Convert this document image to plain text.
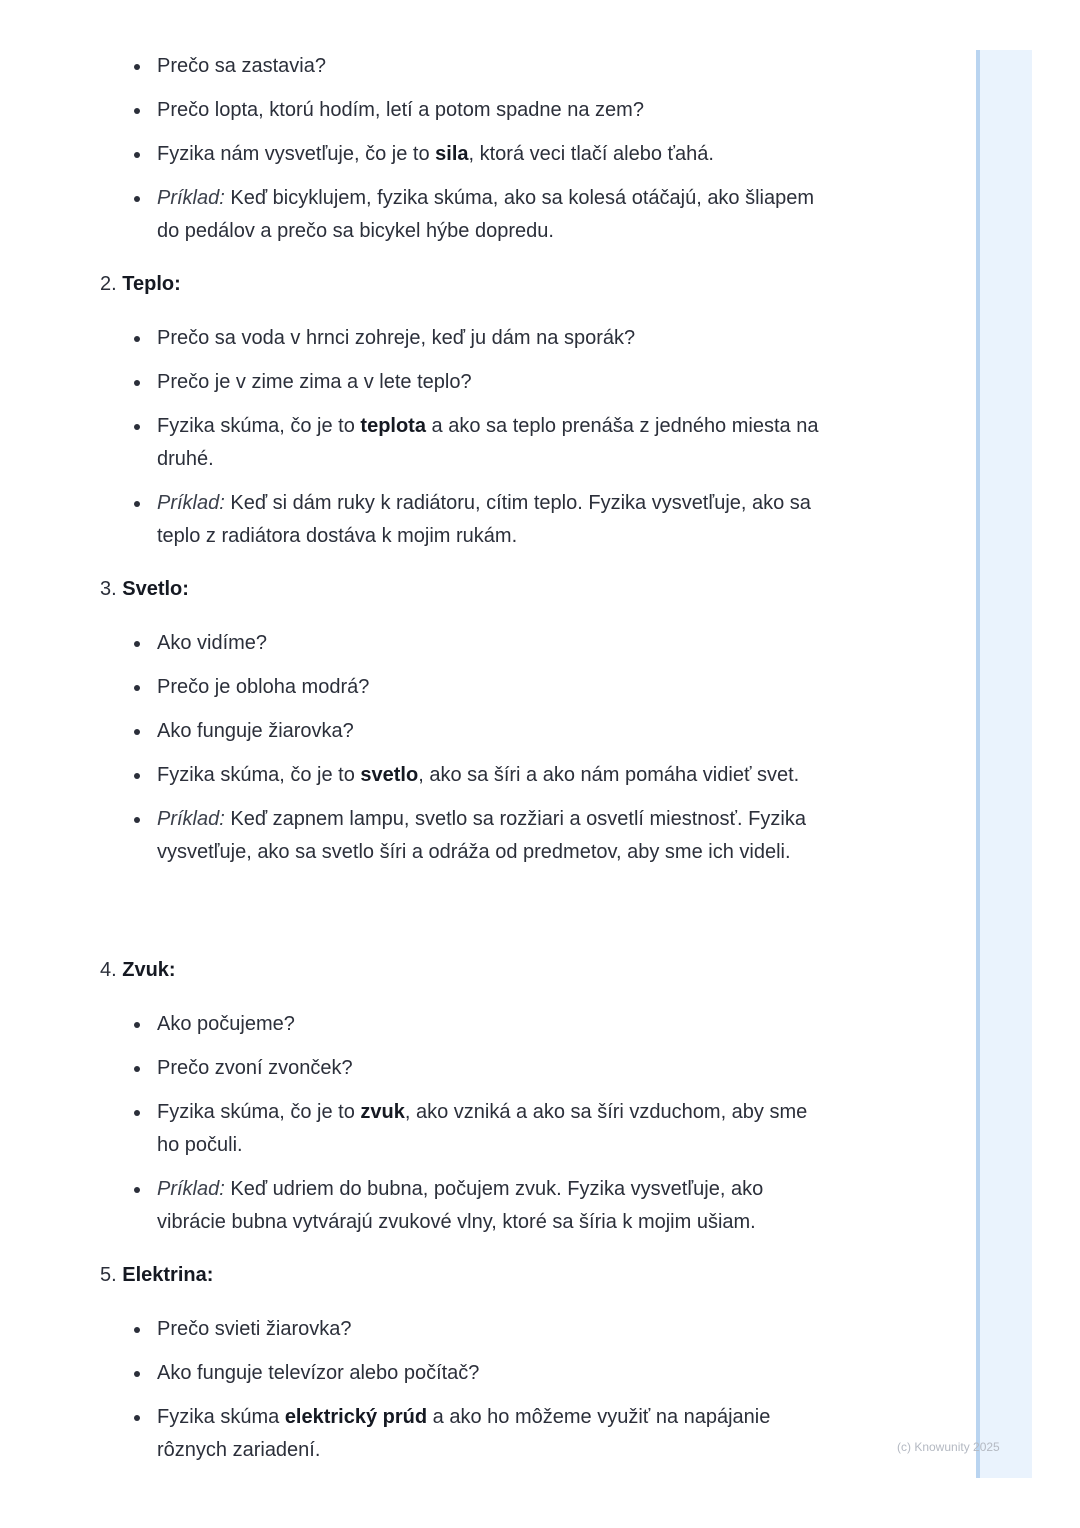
Prečo sa zastavia?
Prečo lopta, ktorú hodím, letí a potom spadne na zem?
Fyzika nám vysvetľuje, čo je to sila, ktorá veci tlačí alebo ťahá.
Príklad: Keď bicyklujem, fyzika skúma, ako sa kolesá otáčajú, ako šliapem do pedálov a prečo sa bicykel hýbe dopredu.
2. Teplo:
Prečo sa voda v hrnci zohreje, keď ju dám na sporák?
Prečo je v zime zima a v lete teplo?
Fyzika skúma, čo je to teplota a ako sa teplo prenáša z jedného miesta na druhé.
Príklad: Keď si dám ruky k radiátoru, cítim teplo. Fyzika vysvetľuje, ako sa teplo z radiátora dostáva k mojim rukám.
3. Svetlo:
Ako vidíme?
Prečo je obloha modrá?
Ako funguje žiarovka?
Fyzika skúma, čo je to svetlo, ako sa šíri a ako nám pomáha vidieť svet.
Príklad: Keď zapnem lampu, svetlo sa rozžiari a osvetlí miestnosť. Fyzika vysvetľuje, ako sa svetlo šíri a odráža od predmetov, aby sme ich videli.
4. Zvuk:
Ako počujeme?
Prečo zvoní zvonček?
Fyzika skúma, čo je to zvuk, ako vzniká a ako sa šíri vzduchom, aby sme ho počuli.
Príklad: Keď udriem do bubna, počujem zvuk. Fyzika vysvetľuje, ako vibrácie bubna vytvárajú zvukové vlny, ktoré sa šíria k mojim ušiam.
5. Elektrina:
Prečo svieti žiarovka?
Ako funguje televízor alebo počítač?
Fyzika skúma elektrický prúd a ako ho môžeme využiť na napájanie rôznych zariadení.	(c) Knowunity 2025
